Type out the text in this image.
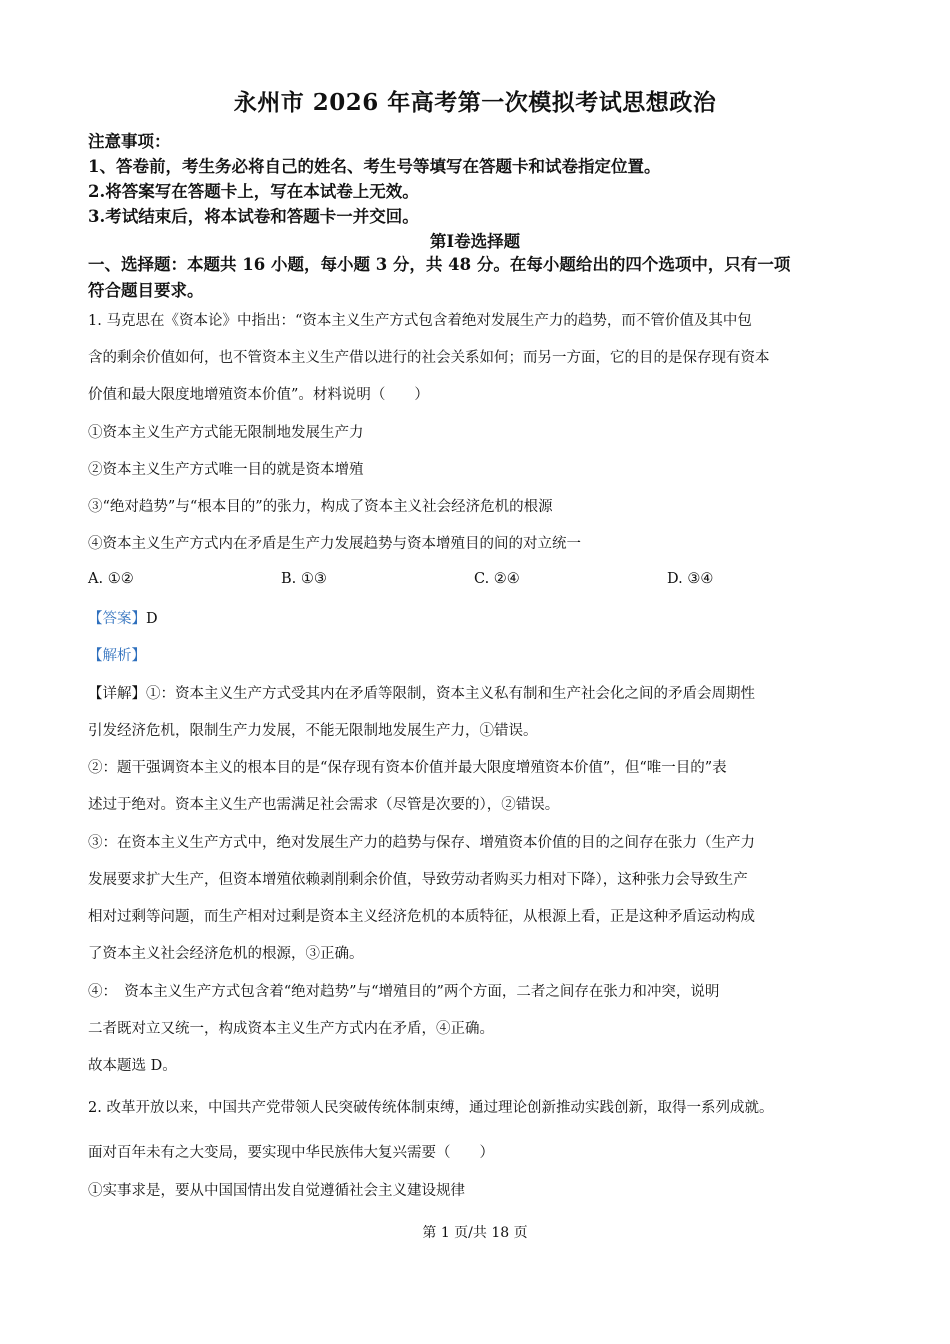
永州市 2026 年高考第一次模拟考试思想政治
注意事项：
1、答卷前，考生务必将自己的姓名、考生号等填写在答题卡和试卷指定位置。
2.将答案写在答题卡上，写在本试卷上无效。
3.考试结束后，将本试卷和答题卡一并交回。
第Ⅰ卷选择题
一、选择题：本题共 16 小题，每小题 3 分，共 48 分。在每小题给出的四个选项中，只有一项
符合题目要求。
1. 马克思在《资本论》中指出：“资本主义生产方式包含着绝对发展生产力的趋势，而不管价值及其中包
含的剩余价值如何，也不管资本主义生产借以进行的社会关系如何；而另一方面，它的目的是保存现有资本
价值和最大限度地增殖资本价值”。材料说明（　　）
①资本主义生产方式能无限制地发展生产力
②资本主义生产方式唯一目的就是资本增殖
③“绝对趋势”与“根本目的”的张力，构成了资本主义社会经济危机的根源
④资本主义生产方式内在矛盾是生产力发展趋势与资本增殖目的间的对立统一
A. ①②	B. ①③	C. ②④	D. ③④
【答案】D
【解析】
【详解】①：资本主义生产方式受其内在矛盾等限制，资本主义私有制和生产社会化之间的矛盾会周期性
引发经济危机，限制生产力发展，不能无限制地发展生产力，①错误。
②：题干强调资本主义的根本目的是“保存现有资本价值并最大限度增殖资本价值”，但“唯一目的”表
述过于绝对。资本主义生产也需满足社会需求（尽管是次要的），②错误。
③：在资本主义生产方式中，绝对发展生产力的趋势与保存、增殖资本价值的目的之间存在张力（生产力
发展要求扩大生产，但资本增殖依赖剥削剩余价值，导致劳动者购买力相对下降），这种张力会导致生产
相对过剩等问题，而生产相对过剩是资本主义经济危机的本质特征，从根源上看，正是这种矛盾运动构成
了资本主义社会经济危机的根源，③正确。
④：　资本主义生产方式包含着“绝对趋势”与“增殖目的”两个方面，二者之间存在张力和冲突，说明
二者既对立又统一，构成资本主义生产方式内在矛盾，④正确。
故本题选 D。
2. 改革开放以来，中国共产党带领人民突破传统体制束缚，通过理论创新推动实践创新，取得一系列成就。
面对百年未有之大变局，要实现中华民族伟大复兴需要（　　）
①实事求是，要从中国国情出发自觉遵循社会主义建设规律
第 1 页/共 18 页
